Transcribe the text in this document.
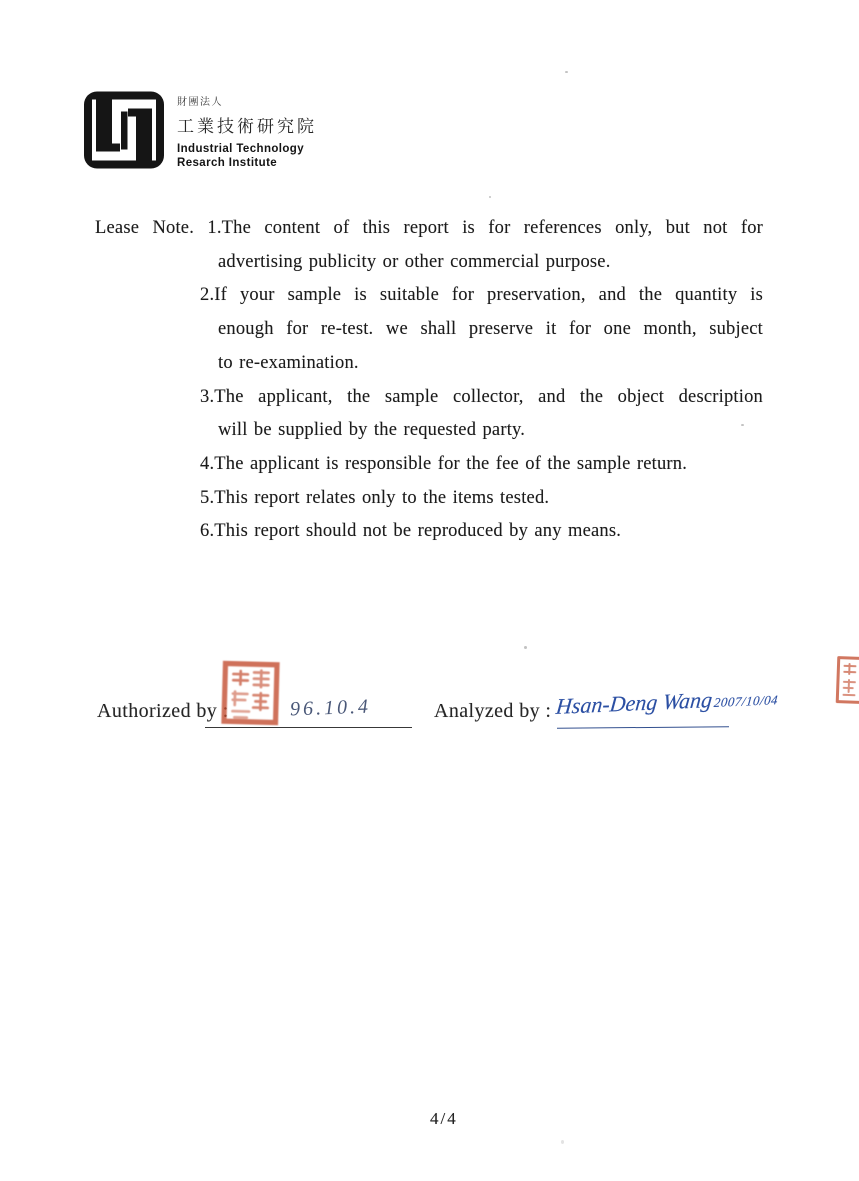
財團法人
工業技術研究院
Industrial Technology
Resarch Institute
Lease Note. 1.The content of this report is for references only, but not for
advertising publicity or other commercial purpose.
2.If your sample is suitable for preservation, and the quantity is
enough for re-test. we shall preserve it for one month, subject
to re-examination.
3.The applicant, the sample collector, and the object description
will be supplied by the requested party.
4.The applicant is responsible for the fee of the sample return.
5.This report relates only to the items tested.
6.This report should not be reproduced by any means.
Authorized by :	96.10.4	Analyzed by : Hsan-Deng Wang2007/10/04
4/4
